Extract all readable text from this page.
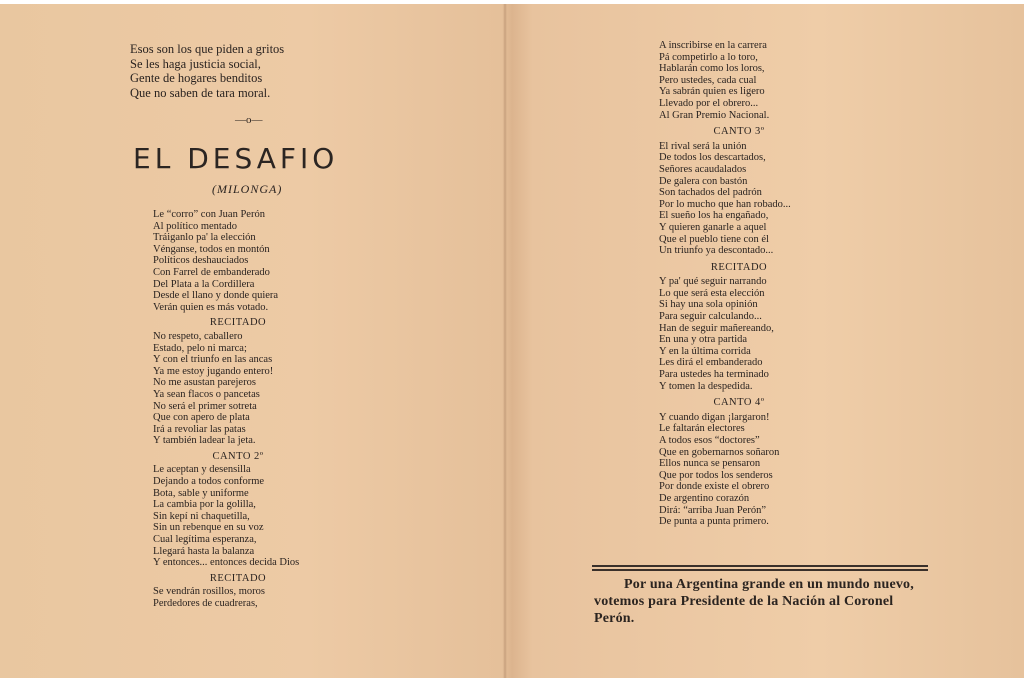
Esos son los que piden a gritos

Se les haga justicia social,

Gente de hogares benditos

Que no saben de tara moral.

—o—
EL DESAFIO
(MILONGA)

Le “corro” con Juan Perón

Al político mentado

Tráiganlo pa' la elección

Vénganse, todos en montón

Políticos deshauciados

Con Farrel de embanderado

Del Plata a la Cordillera

Desde el llano y donde quiera

Verán quien es más votado.

RECITADO

No respeto, caballero

Estado, pelo ni marca;

Y con el triunfo en las ancas

Ya me estoy jugando entero!

No me asustan parejeros

Ya sean flacos o pancetas

No será el primer sotreta

Que con apero de plata

Irá a revoliar las patas

Y también ladear la jeta.

CANTO 2º

Le aceptan y desensilla

Dejando a todos conforme

Bota, sable y uniforme

La cambia por la golilla,

Sin kepí ni chaquetilla,

Sin un rebenque en su voz

Cual legítima esperanza,

Llegará hasta la balanza

Y entonces... entonces decida Dios

RECITADO

Se vendrán rosillos, moros

Perdedores de cuadreras,

A inscribirse en la carrera

Pá competirlo a lo toro,

Hablarán como los loros,

Pero ustedes, cada cual

Ya sabrán quien es ligero

Llevado por el obrero...

Al Gran Premio Nacional.

CANTO 3º

El rival será la unión

De todos los descartados,

Señores acaudalados

De galera con bastón

Son tachados del padrón

Por lo mucho que han robado...

El sueño los ha engañado,

Y quieren ganarle a aquel

Que el pueblo tiene con él

Un triunfo ya descontado...

RECITADO

Y pa' qué seguir narrando

Lo que será esta elección

Si hay una sola opinión

Para seguir calculando...

Han de seguir mañereando,

En una y otra partida

Y en la última corrida

Les dirá el embanderado

Para ustedes ha terminado

Y tomen la despedida.

CANTO 4º

Y cuando digan ¡largaron!

Le faltarán electores

A todos esos “doctores”

Que en gobernarnos soñaron

Ellos nunca se pensaron

Que por todos los senderos

Por donde existe el obrero

De argentino corazón

Dirá: “arriba Juan Perón”

De punta a punta primero.

Por una Argentina grande en un mundo nuevo, votemos para Presidente de la Nación al Coronel Perón.
